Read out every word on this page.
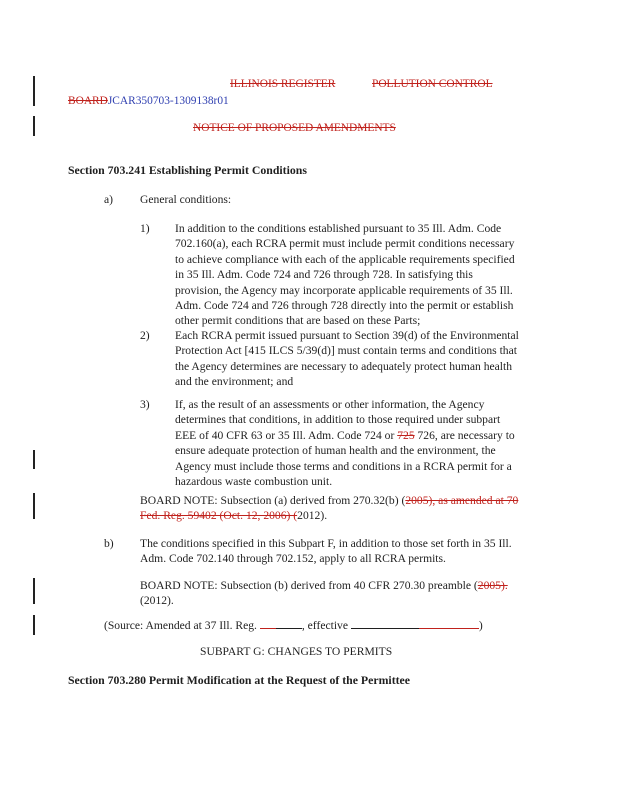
ILLINOIS REGISTER	POLLUTION CONTROL
BOARDJCAR350703-1309138r01
NOTICE OF PROPOSED AMENDMENTS
Section 703.241 Establishing Permit Conditions
a) General conditions:
1) In addition to the conditions established pursuant to 35 Ill. Adm. Code
702.160(a), each RCRA permit must include permit conditions necessary
to achieve compliance with each of the applicable requirements specified
in 35 Ill. Adm. Code 724 and 726 through 728. In satisfying this
provision, the Agency may incorporate applicable requirements of 35 Ill.
Adm. Code 724 and 726 through 728 directly into the permit or establish
other permit conditions that are based on these Parts;
2) Each RCRA permit issued pursuant to Section 39(d) of the Environmental
Protection Act [415 ILCS 5/39(d)] must contain terms and conditions that
the Agency determines are necessary to adequately protect human health
and the environment; and
3) If, as the result of an assessments or other information, the Agency
determines that conditions, in addition to those required under subpart
EEE of 40 CFR 63 or 35 Ill. Adm. Code 724 or 725 726, are necessary to
ensure adequate protection of human health and the environment, the
Agency must include those terms and conditions in a RCRA permit for a
hazardous waste combustion unit.
BOARD NOTE: Subsection (a) derived from 270.32(b) (2005), as amended at 70
Fed. Reg. 59402 (Oct. 12, 2006) (2012).
b) The conditions specified in this Subpart F, in addition to those set forth in 35 Ill.
Adm. Code 702.140 through 702.152, apply to all RCRA permits.
BOARD NOTE: Subsection (b) derived from 40 CFR 270.30 preamble (2005).
(2012).
(Source: Amended at 37 Ill. Reg.	, effective	)
SUBPART G: CHANGES TO PERMITS
Section 703.280 Permit Modification at the Request of the Permittee
